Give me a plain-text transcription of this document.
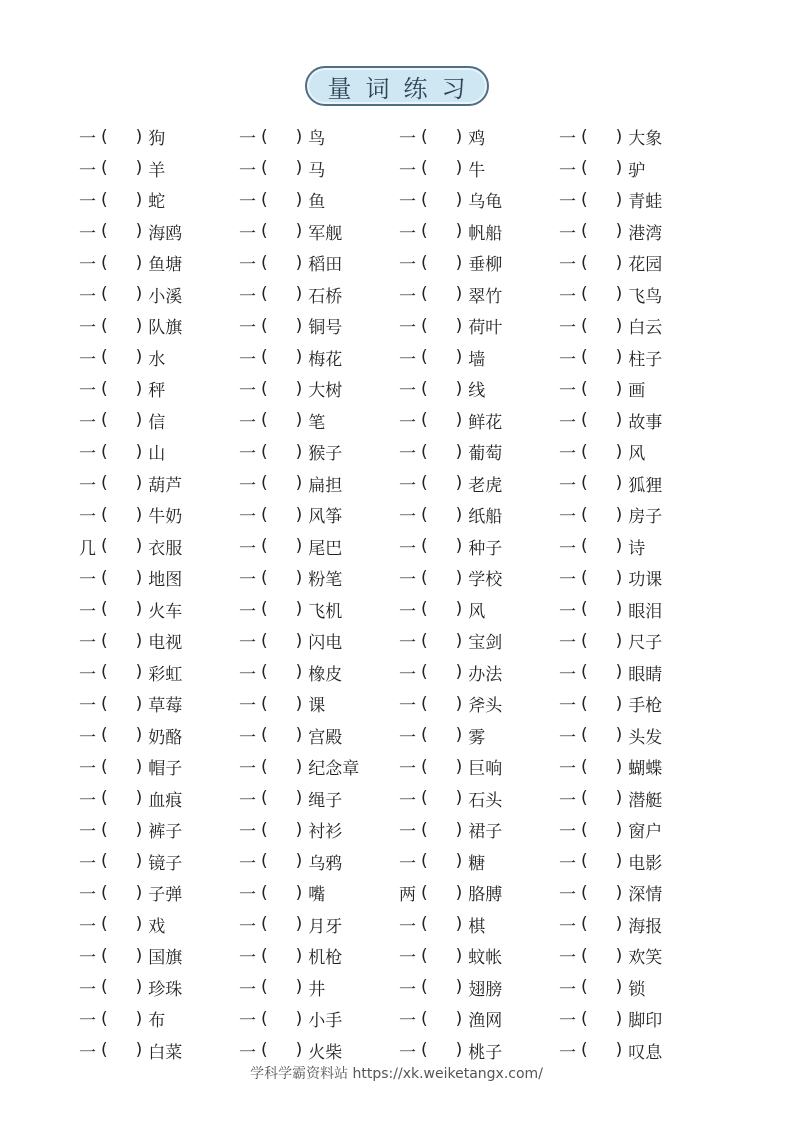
量词练习
一 ( ) 狗	一 ( ) 鸟	一 ( ) 鸡	一 ( ) 大象
一 ( ) 羊	一 ( ) 马	一 ( ) 牛	一 ( ) 驴
一 ( ) 蛇	一 ( ) 鱼	一 ( ) 乌龟	一 ( ) 青蛙
一 ( ) 海鸥	一 ( ) 军舰	一 ( ) 帆船	一 ( ) 港湾
一 ( ) 鱼塘	一 ( ) 稻田	一 ( ) 垂柳	一 ( ) 花园
一 ( ) 小溪	一 ( ) 石桥	一 ( ) 翠竹	一 ( ) 飞鸟
一 ( ) 队旗	一 ( ) 铜号	一 ( ) 荷叶	一 ( ) 白云
一 ( ) 水	一 ( ) 梅花	一 ( ) 墙	一 ( ) 柱子
一 ( ) 秤	一 ( ) 大树	一 ( ) 线	一 ( ) 画
一 ( ) 信	一 ( ) 笔	一 ( ) 鲜花	一 ( ) 故事
一 ( ) 山	一 ( ) 猴子	一 ( ) 葡萄	一 ( ) 风
一 ( ) 葫芦	一 ( ) 扁担	一 ( ) 老虎	一 ( ) 狐狸
一 ( ) 牛奶	一 ( ) 风筝	一 ( ) 纸船	一 ( ) 房子
几 ( ) 衣服	一 ( ) 尾巴	一 ( ) 种子	一 ( ) 诗
一 ( ) 地图	一 ( ) 粉笔	一 ( ) 学校	一 ( ) 功课
一 ( ) 火车	一 ( ) 飞机	一 ( ) 风	一 ( ) 眼泪
一 ( ) 电视	一 ( ) 闪电	一 ( ) 宝剑	一 ( ) 尺子
一 ( ) 彩虹	一 ( ) 橡皮	一 ( ) 办法	一 ( ) 眼睛
一 ( ) 草莓	一 ( ) 课	一 ( ) 斧头	一 ( ) 手枪
一 ( ) 奶酪	一 ( ) 宫殿	一 ( ) 雾	一 ( ) 头发
一 ( ) 帽子	一 ( ) 纪念章 一 ( ) 巨响	一 ( ) 蝴蝶
一 ( ) 血痕	一 ( ) 绳子	一 ( ) 石头	一 ( ) 潜艇
一 ( ) 裤子	一 ( ) 衬衫	一 ( ) 裙子	一 ( ) 窗户
一 ( ) 镜子	一 ( ) 乌鸦	一 ( ) 糖	一 ( ) 电影
一 ( ) 子弹	一 ( ) 嘴	两 ( ) 胳膊	一 ( ) 深情
一 ( ) 戏	一 ( ) 月牙	一 ( ) 棋	一 ( ) 海报
一 ( ) 国旗	一 ( ) 机枪	一 ( ) 蚊帐	一 ( ) 欢笑
一 ( ) 珍珠	一 ( ) 井	一 ( ) 翅膀	一 ( ) 锁
一 ( ) 布	一 ( ) 小手	一 ( ) 渔网	一 ( ) 脚印
一 ( ) 白菜	一 ( ) 火柴	一 ( ) 桃子	一 ( ) 叹息
学科学霸资料站 https://xk.weiketangx.com/
